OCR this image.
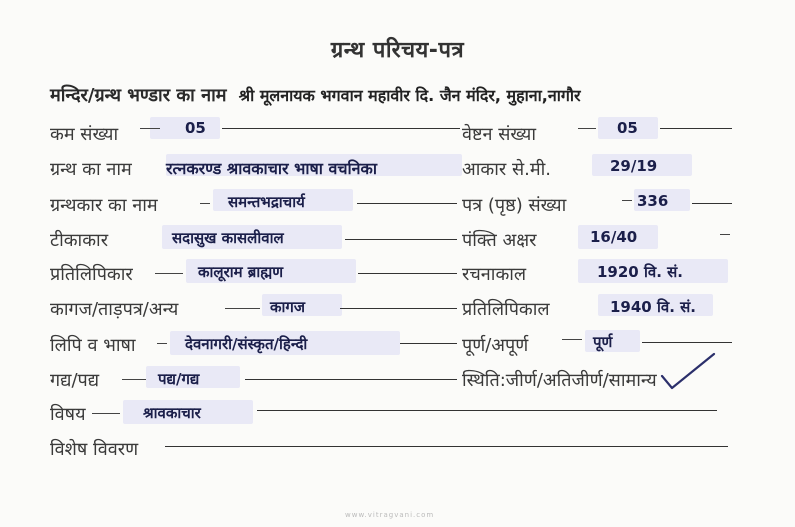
ग्रन्थ परिचय-पत्र
मन्दिर/ग्रन्थ भण्डार का नाम श्री मूलनायक भगवान महावीर दि. जैन मंदिर, मुहाना,नागौर
कम संख्या
ग्रन्थ का नाम
ग्रन्थकार का नाम
टीकाकार
प्रतिलिपिकार
कागज/ताड़पत्र/अन्य
लिपि व भाषा
गद्य/पद्य
विषय
विशेष विवरण
05
रत्नकरण्ड श्रावकाचार भाषा वचनिका
समन्तभद्राचार्य
सदासुख कासलीवाल
कालूराम ब्राह्मण
कागज
देवनागरी/संस्कृत/हिन्दी
पद्य/गद्य
श्रावकाचार
वेष्टन संख्या
आकार से.मी.
पत्र (पृष्ठ) संख्या
पंक्ति अक्षर
रचनाकाल
प्रतिलिपिकाल
पूर्ण/अपूर्ण
स्थिति:जीर्ण/अतिजीर्ण/सामान्य
05
29/19
336
16/40
1920 वि. सं.
1940 वि. सं.
पूर्ण
www.vitragvani.com
